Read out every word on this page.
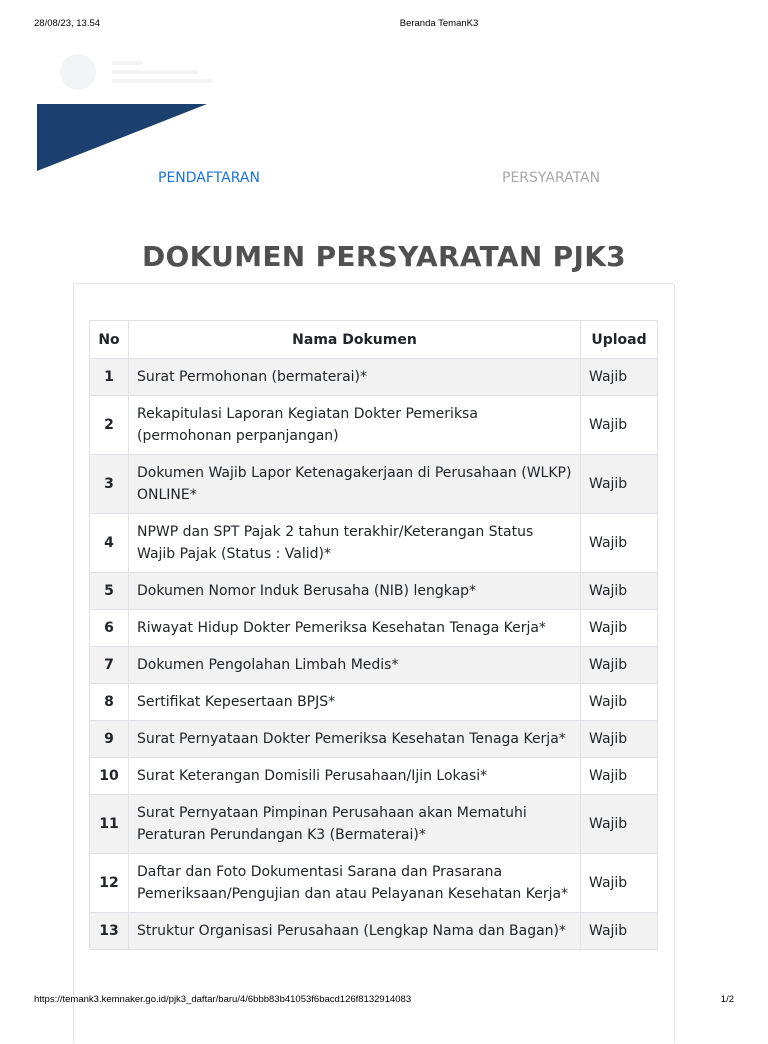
28/08/23, 13.54	Beranda TemanK3
PENDAFTARAN	PERSYARATAN
DOKUMEN PERSYARATAN PJK3
No	Nama Dokumen	Upload
1	Surat Permohonan (bermaterai)*	Wajib
2	Rekapitulasi Laporan Kegiatan Dokter Pemeriksa (permohonan perpanjangan)	Wajib
3	Dokumen Wajib Lapor Ketenagakerjaan di Perusahaan (WLKP) ONLINE*	Wajib
4	NPWP dan SPT Pajak 2 tahun terakhir/Keterangan Status Wajib Pajak (Status : Valid)*	Wajib
5	Dokumen Nomor Induk Berusaha (NIB) lengkap*	Wajib
6	Riwayat Hidup Dokter Pemeriksa Kesehatan Tenaga Kerja*	Wajib
7	Dokumen Pengolahan Limbah Medis*	Wajib
8	Sertifikat Kepesertaan BPJS*	Wajib
9	Surat Pernyataan Dokter Pemeriksa Kesehatan Tenaga Kerja*	Wajib
10	Surat Keterangan Domisili Perusahaan/Ijin Lokasi*	Wajib
11	Surat Pernyataan Pimpinan Perusahaan akan Mematuhi Peraturan Perundangan K3 (Bermaterai)*	Wajib
12	Daftar dan Foto Dokumentasi Sarana dan Prasarana Pemeriksaan/Pengujian dan atau Pelayanan Kesehatan Kerja*	Wajib
13	Struktur Organisasi Perusahaan (Lengkap Nama dan Bagan)*	Wajib
https://temank3.kemnaker.go.id/pjk3_daftar/baru/4/6bbb83b41053f6bacd126f8132914083	1/2
